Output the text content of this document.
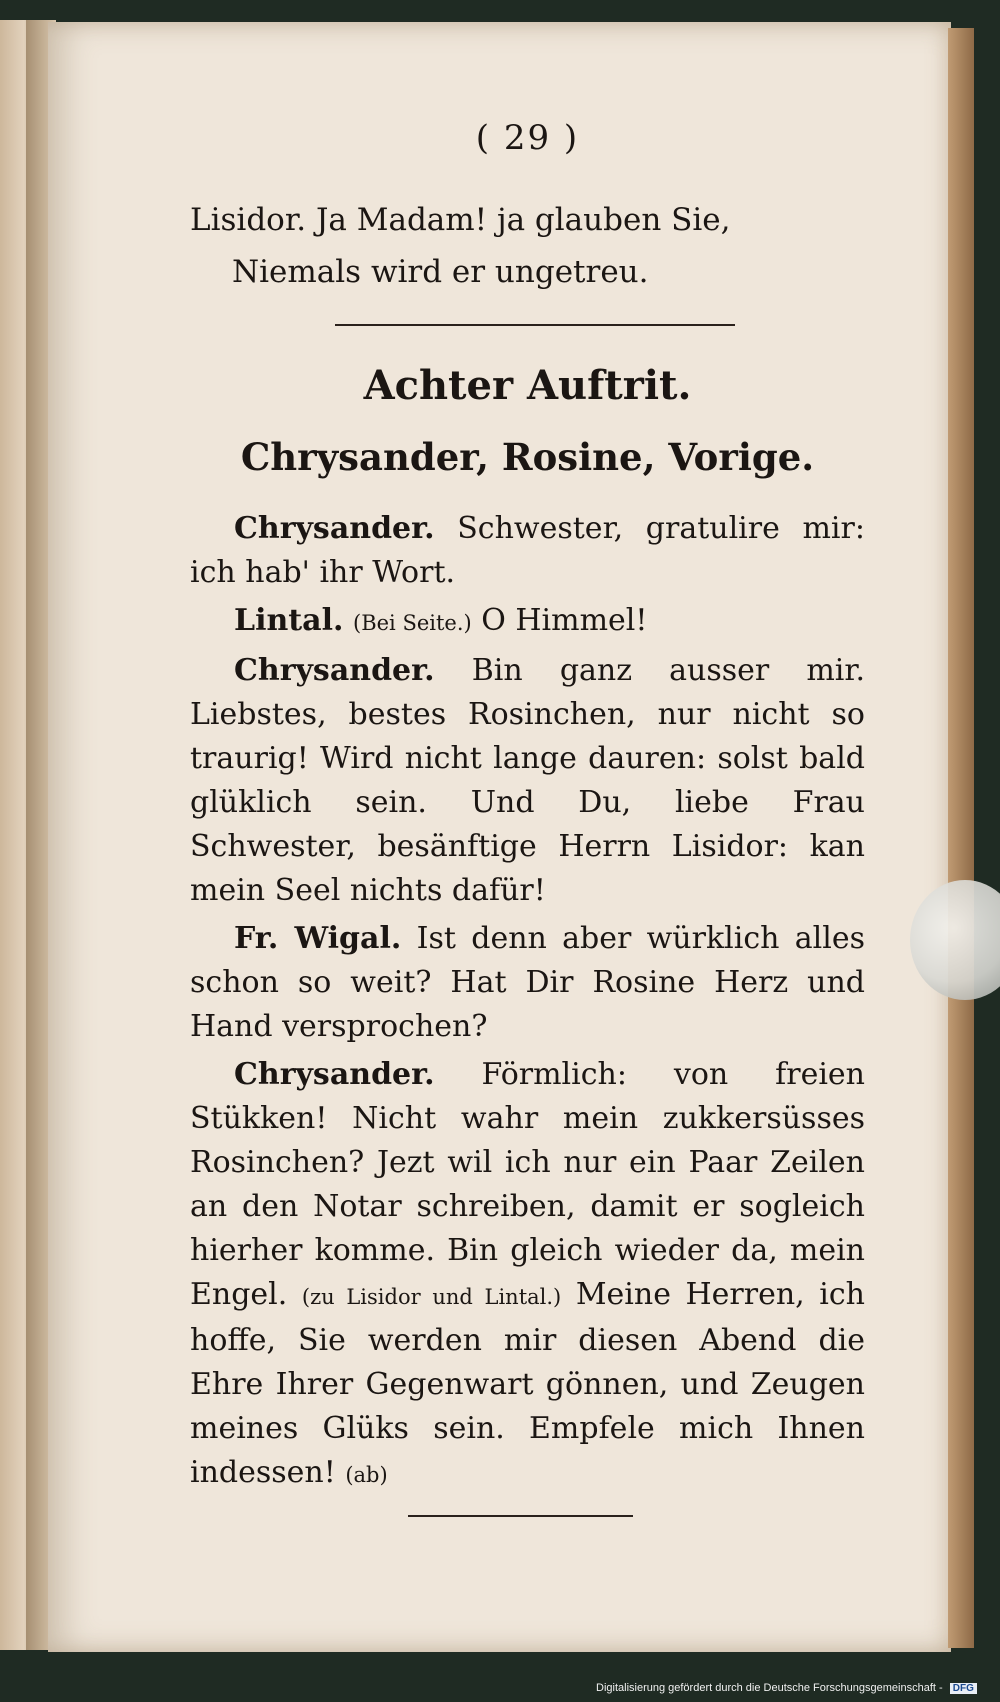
( 29 )

Lisidor. Ja Madam! ja glauben Sie,

Niemals wird er ungetreu.

Achter Auftrit.

Chrysander, Rosine, Vorige.

Chrysander. Schwester, gratulire mir: ich hab' ihr Wort.

Lintal. (Bei Seite.) O Himmel!

Chrysander. Bin ganz ausser mir. Liebstes, bestes Rosinchen, nur nicht so traurig! Wird nicht lange dauren: solst bald glüklich sein. Und Du, liebe Frau Schwester, besänftige Herrn Lisidor: kan mein Seel nichts dafür!

Fr. Wigal. Ist denn aber würklich alles schon so weit? Hat Dir Rosine Herz und Hand versprochen?

Chrysander. Förmlich: von freien Stükken! Nicht wahr mein zukkersüsses Rosinchen? Jezt wil ich nur ein Paar Zeilen an den Notar schreiben, damit er sogleich hierher komme. Bin gleich wieder da, mein Engel. (zu Lisidor und Lintal.) Meine Herren, ich hoffe, Sie werden mir diesen Abend die Ehre Ihrer Gegenwart gönnen, und Zeugen meines Glüks sein. Empfele mich Ihnen indessen! (ab)

Digitalisierung gefördert durch die Deutsche Forschungsgemeinschaft - DFG
